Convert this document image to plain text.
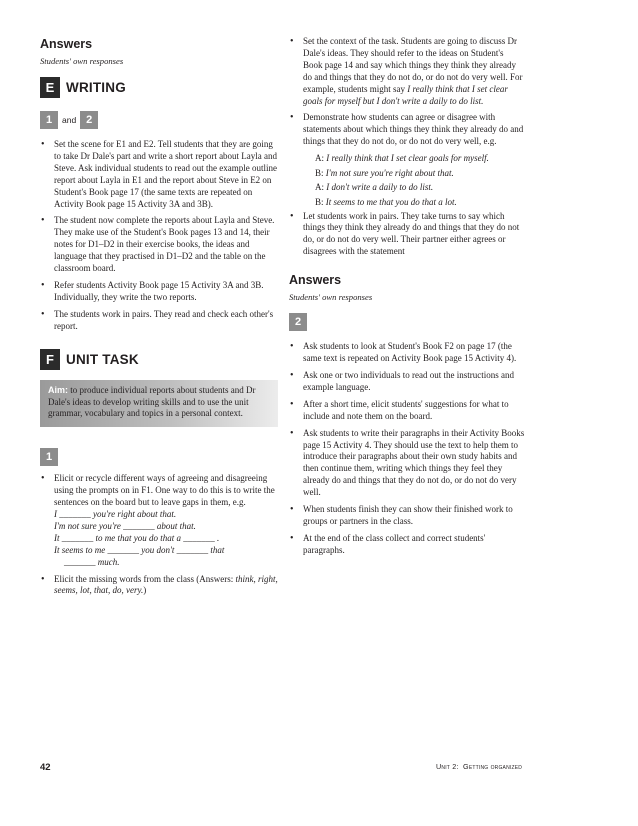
Answers

Students' own responses

E WRITING
1 and 2
• Set the scene for E1 and E2. Tell students that they are going to take Dr Dale's part and write a short report about Layla and Steve. Ask individual students to read out the example outline report about Layla in E1 and the report about Steve in E2 on Student's Book page 17 (the same texts are repeated on Activity Book page 15 Activity 3A and 3B).
• The student now complete the reports about Layla and Steve. They make use of the Student's Book pages 13 and 14, their notes for D1–D2 in their exercise books, the ideas and language that they practised in D1–D2 and the table on the classroom board.
• Refer students Activity Book page 15 Activity 3A and 3B. Individually, they write the two reports.
• The students work in pairs. They read and check each other's report.
F UNIT TASK
Aim: to produce individual reports about students and Dr Dale's ideas to develop writing skills and to use the unit grammar, vocabulary and topics in a personal context.
1
• Elicit or recycle different ways of agreeing and disagreeing using the prompts on in F1. One way to do this is to write the sentences on the board but to leave gaps in them, e.g.
I _______ you're right about that.
I'm not sure you're _______ about that.
It _______ to me that you do that a _______ .
It seems to me _______ you don't _______ that
_______ much.
• Elicit the missing words from the class (Answers: think, right, seems, lot, that, do, very.)
• Set the context of the task. Students are going to discuss Dr Dale's ideas. They should refer to the ideas on Student's Book page 14 and say which things they think they already do and things that they do not do, or do not do very well. For example, students might say I really think that I set clear goals for myself but I don't write a daily to do list.
• Demonstrate how students can agree or disagree with statements about which things they think they already do and things that they do not do, or do not do very well, e.g.

A: I really think that I set clear goals for myself.

B: I'm not sure you're right about that.

A: I don't write a daily to do list.

B: It seems to me that you do that a lot.

• Let students work in pairs. They take turns to say which things they think they already do and things that they do not do, or do not do very well. Their partner either agrees or disagrees with the statement
Answers

Students' own responses

2
• Ask students to look at Student's Book F2 on page 17 (the same text is repeated on Activity Book page 15 Activity 4).
• Ask one or two individuals to read out the instructions and example language.
• After a short time, elicit students' suggestions for what to include and note them on the board.
• Ask students to write their paragraphs in their Activity Books page 15 Activity 4. They should use the text to help them to introduce their paragraphs about their own study habits and then continue them, writing which things they feel they already do and things that they do not do, or do not do very well.
• When students finish they can show their finished work to groups or partners in the class.
• At the end of the class collect and correct students' paragraphs.
42	Unit 2: Getting organized
